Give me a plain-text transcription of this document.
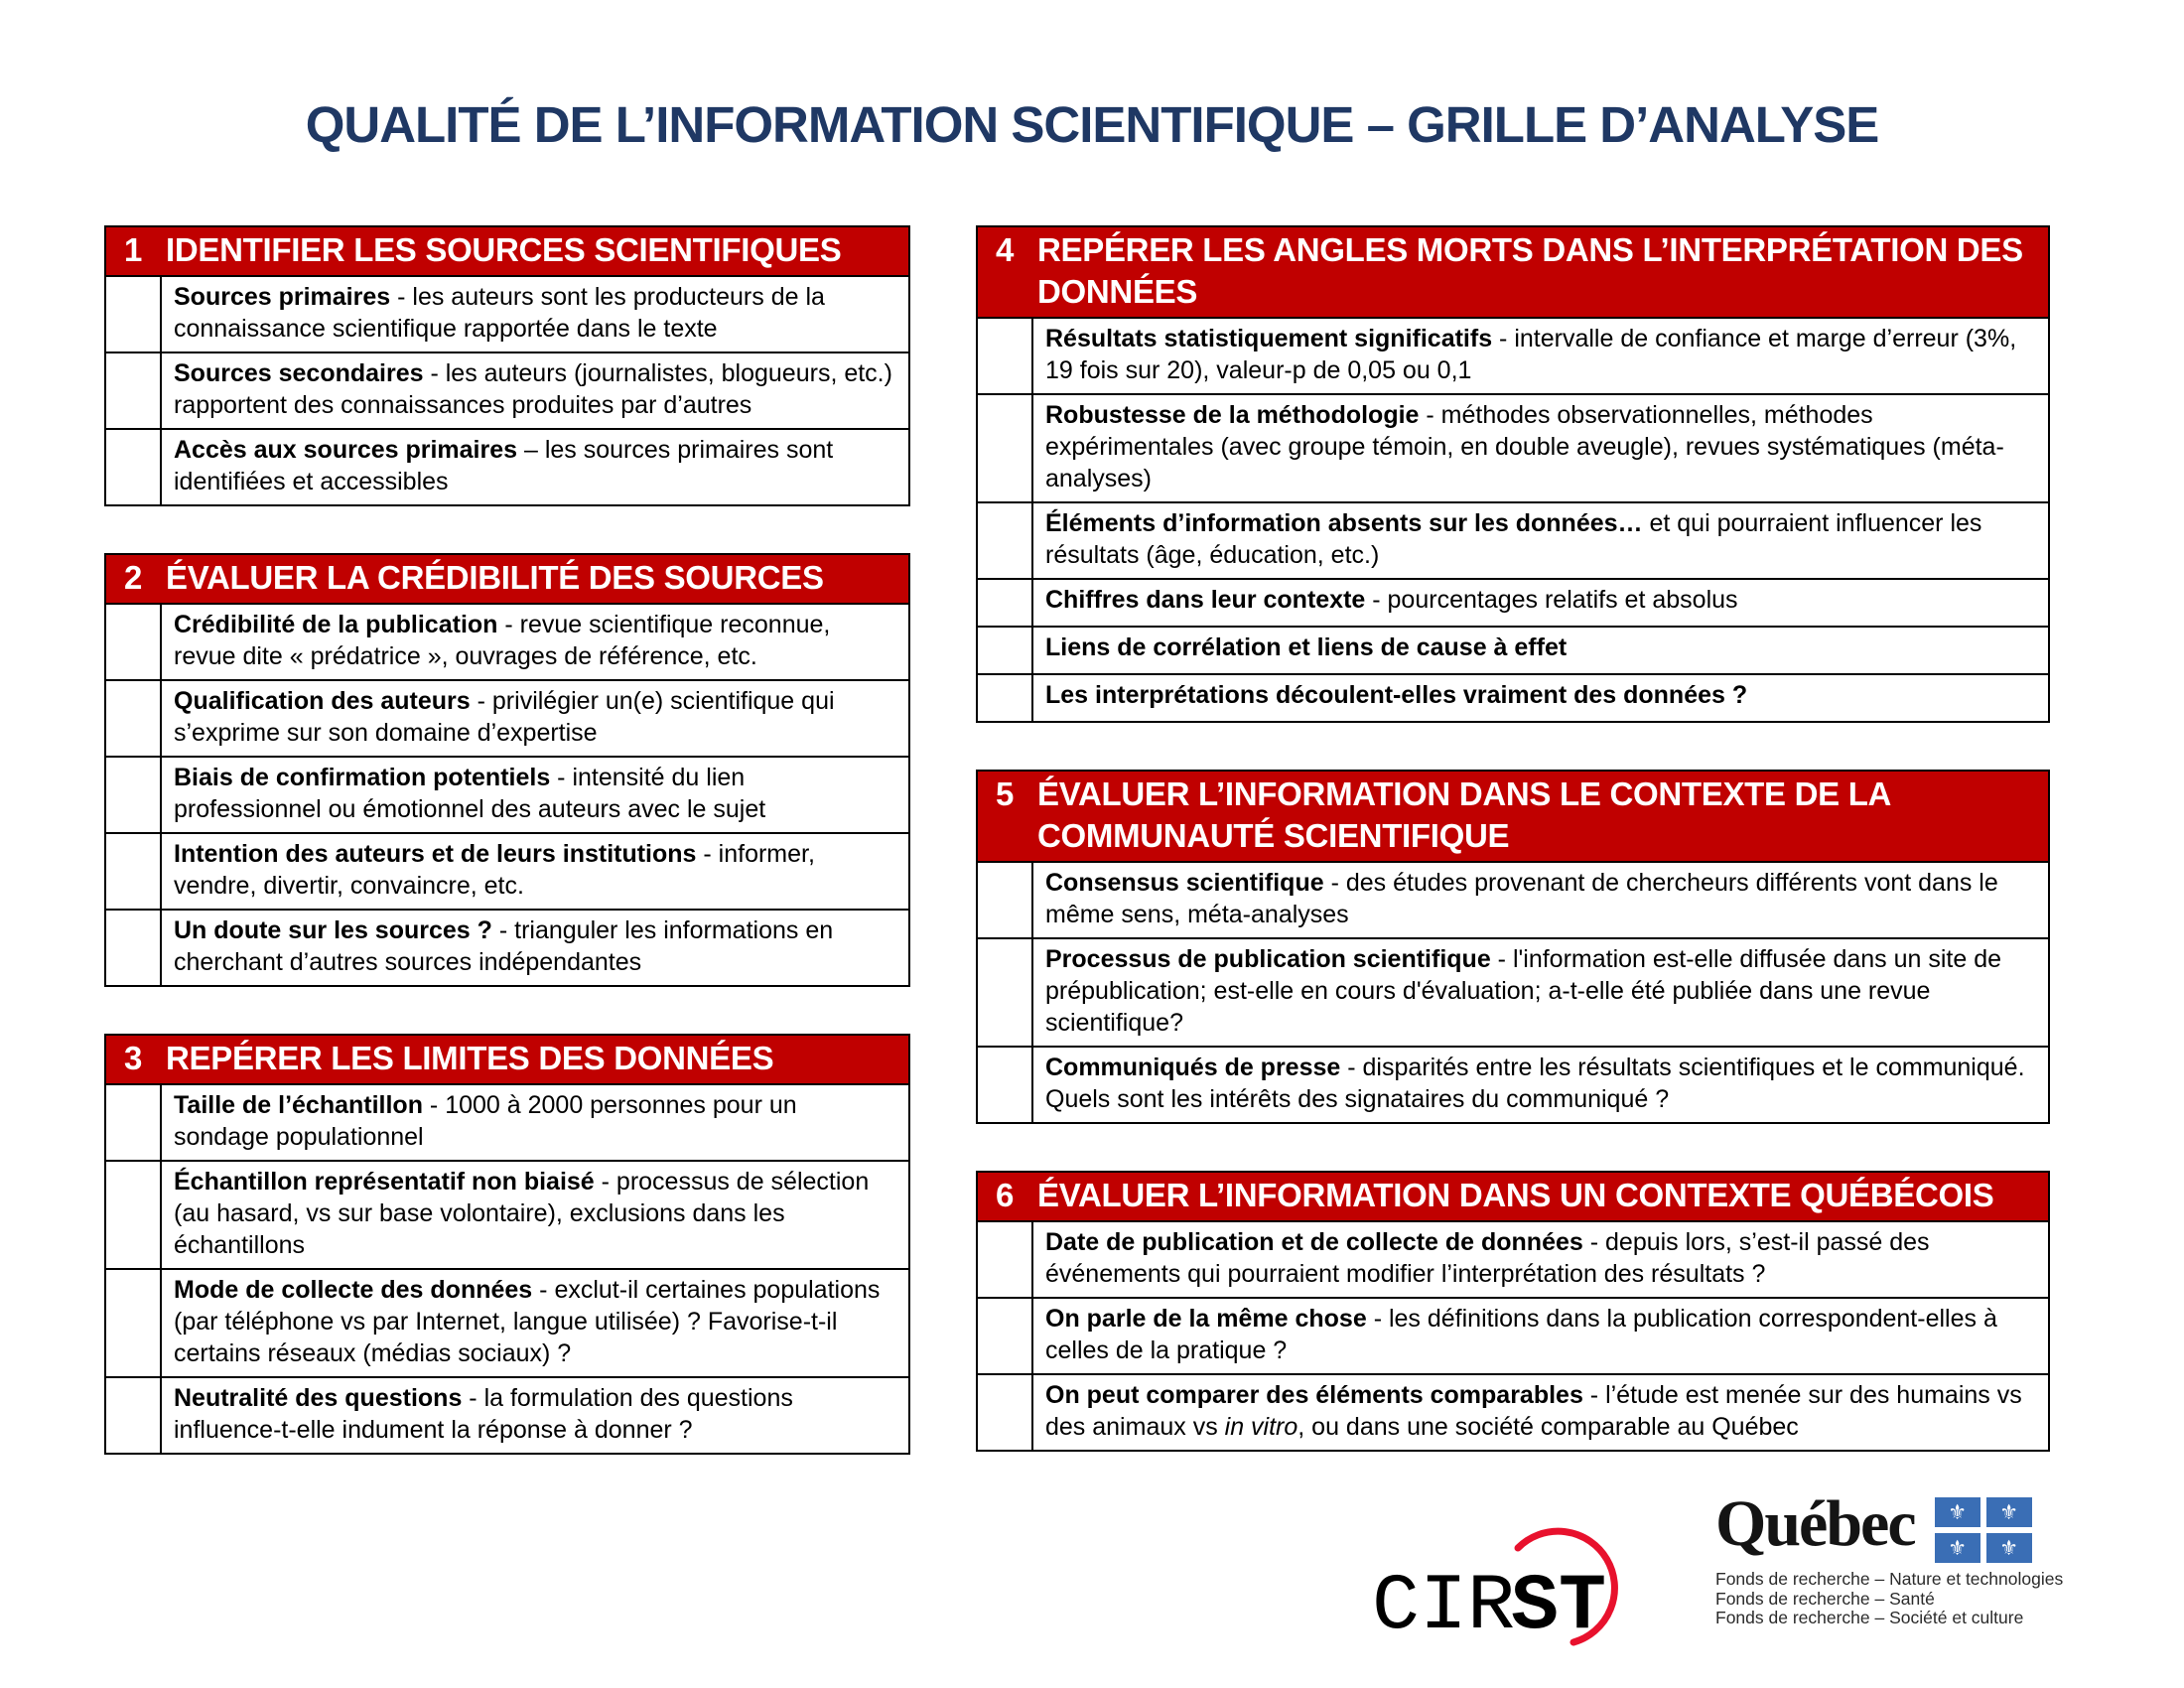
QUALITÉ DE L’INFORMATION SCIENTIFIQUE – GRILLE D’ANALYSE
1 IDENTIFIER LES SOURCES SCIENTIFIQUES
Sources primaires - les auteurs sont les producteurs de la connaissance scientifique rapportée dans le texte
Sources secondaires - les auteurs (journalistes, blogueurs, etc.) rapportent des connaissances produites par d’autres
Accès aux sources primaires – les sources primaires sont identifiées et accessibles
2 ÉVALUER LA CRÉDIBILITÉ DES SOURCES
Crédibilité de la publication - revue scientifique reconnue, revue dite « prédatrice », ouvrages de référence, etc.
Qualification des auteurs - privilégier un(e) scientifique qui s’exprime sur son domaine d’expertise
Biais de confirmation potentiels - intensité du lien professionnel ou émotionnel des auteurs avec le sujet
Intention des auteurs et de leurs institutions - informer, vendre, divertir, convaincre, etc.
Un doute sur les sources ? - trianguler les informations en cherchant d’autres sources indépendantes
3 REPÉRER LES LIMITES DES DONNÉES
Taille de l’échantillon - 1000 à 2000 personnes pour un sondage populationnel
Échantillon représentatif non biaisé - processus de sélection (au hasard, vs sur base volontaire), exclusions dans les échantillons
Mode de collecte des données - exclut-il certaines populations (par téléphone vs par Internet, langue utilisée) ? Favorise-t-il certains réseaux (médias sociaux) ?
Neutralité des questions - la formulation des questions influence-t-elle indument la réponse à donner ?
4 REPÉRER LES ANGLES MORTS DANS L’INTERPRÉTATION DES DONNÉES
Résultats statistiquement significatifs - intervalle de confiance et marge d’erreur (3%, 19 fois sur 20), valeur-p de 0,05 ou 0,1
Robustesse de la méthodologie - méthodes observationnelles, méthodes expérimentales (avec groupe témoin, en double aveugle), revues systématiques (méta-analyses)
Éléments d’information absents sur les données… et qui pourraient influencer les résultats (âge, éducation, etc.)
Chiffres dans leur contexte - pourcentages relatifs et absolus
Liens de corrélation et liens de cause à effet
Les interprétations découlent-elles vraiment des données ?
5 ÉVALUER L’INFORMATION DANS LE CONTEXTE DE LA COMMUNAUTÉ SCIENTIFIQUE
Consensus scientifique - des études provenant de chercheurs différents vont dans le même sens, méta-analyses
Processus de publication scientifique - l'information est-elle diffusée dans un site de prépublication; est-elle en cours d'évaluation; a-t-elle été publiée dans une revue scientifique?
Communiqués de presse - disparités entre les résultats scientifiques et le communiqué. Quels sont les intérêts des signataires du communiqué ?
6 ÉVALUER L’INFORMATION DANS UN CONTEXTE QUÉBÉCOIS
Date de publication et de collecte de données - depuis lors, s’est-il passé des événements qui pourraient modifier l’interprétation des résultats ?
On parle de la même chose - les définitions dans la publication correspondent-elles à celles de la pratique ?
On peut comparer des éléments comparables - l’étude est menée sur des humains vs des animaux vs in vitro, ou dans une société comparable au Québec
CIR
ST
Québec ⚜ ⚜
⚜ ⚜
Fonds de recherche – Nature et technologies
Fonds de recherche – Santé
Fonds de recherche – Société et culture
